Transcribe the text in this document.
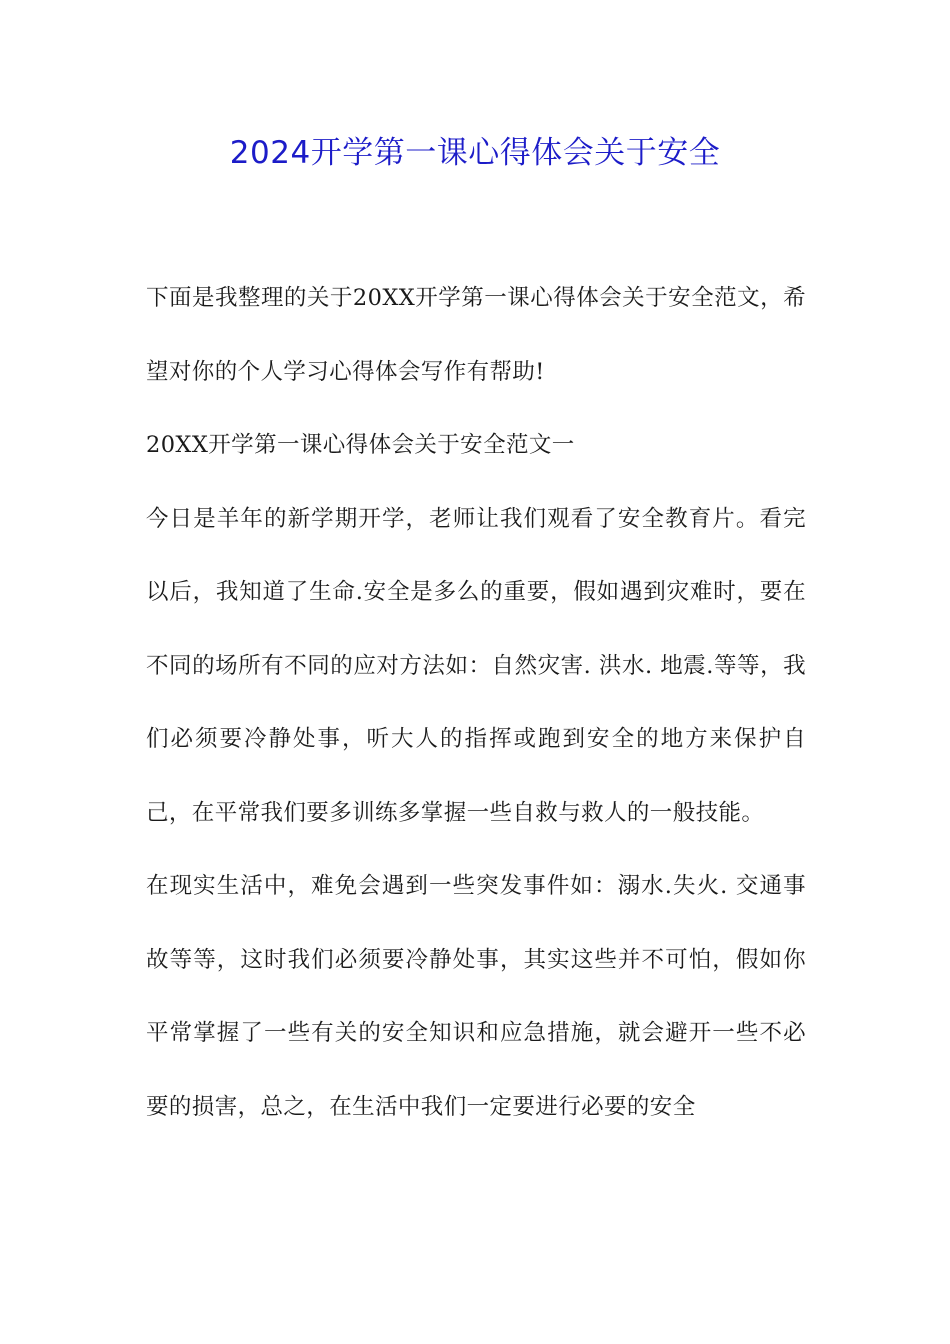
2024开学第一课心得体会关于安全

下面是我整理的关于20XX开学第一课心得体会关于安全范文，希望对你的个人学习心得体会写作有帮助!

20XX开学第一课心得体会关于安全范文一

今日是羊年的新学期开学，老师让我们观看了安全教育片。看完以后，我知道了生命.安全是多么的重要，假如遇到灾难时，要在不同的场所有不同的应对方法如：自然灾害. 洪水. 地震.等等，我们必须要冷静处事，听大人的指挥或跑到安全的地方来保护自己，在平常我们要多训练多掌握一些自救与救人的一般技能。

在现实生活中，难免会遇到一些突发事件如：溺水.失火. 交通事故等等，这时我们必须要冷静处事，其实这些并不可怕，假如你平常掌握了一些有关的安全知识和应急措施，就会避开一些不必要的损害，总之，在生活中我们一定要进行必要的安全
